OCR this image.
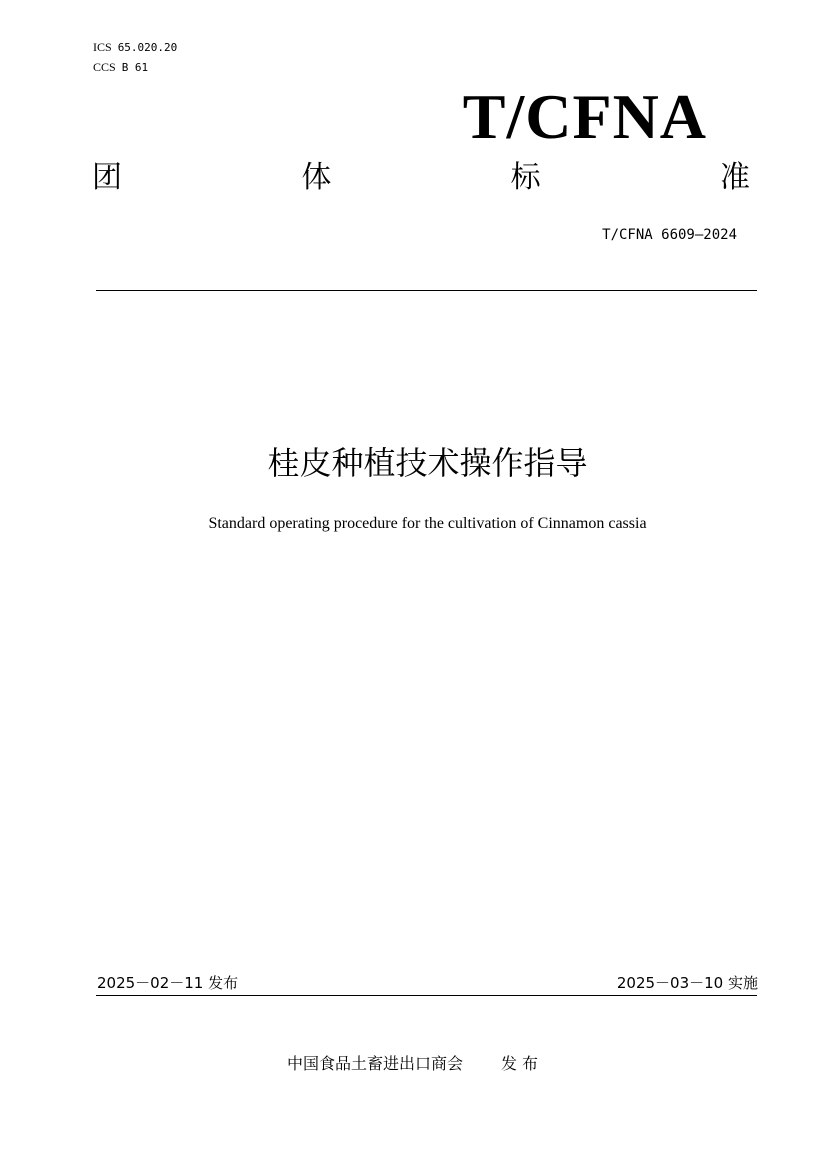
ICS 65.020.20
CCS B 61
T/CFNA
团	体	标	准
T/CFNA 6609—2024
桂皮种植技术操作指导
Standard operating procedure for the cultivation of Cinnamon cassia
2025－02－11 发布	2025－03－10 实施
中国食品土畜进出口商会 发 布
